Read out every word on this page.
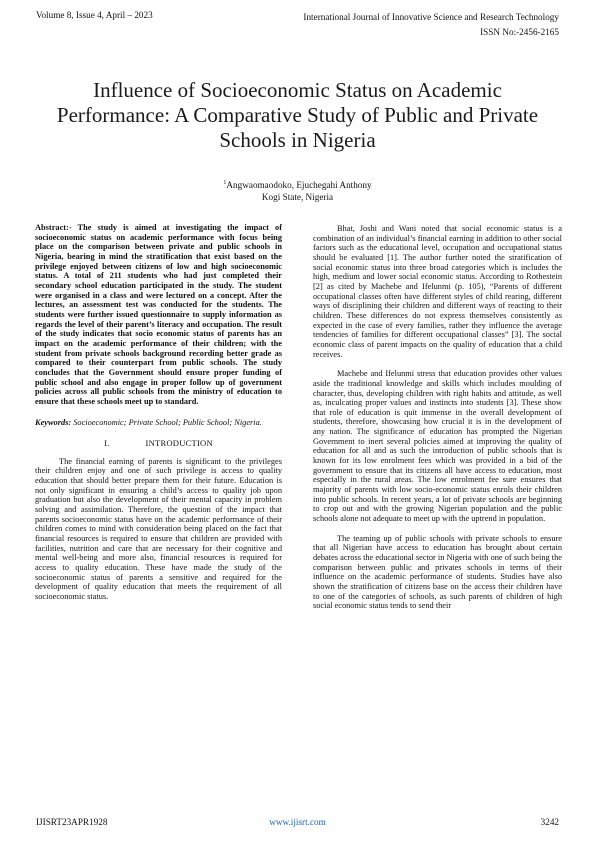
Volume 8, Issue 4, April – 2023	International Journal of Innovative Science and Research Technology
ISSN No:-2456-2165
Influence of Socioeconomic Status on Academic Performance: A Comparative Study of Public and Private Schools in Nigeria
$^1$Angwaomaodoko, Ejuchegahi Anthony
Kogi State, Nigeria

Abstract:- The study is aimed at investigating the impact of socioeconomic status on academic performance with focus being place on the comparison between private and public schools in Nigeria, bearing in mind the stratification that exist based on the privilege enjoyed between citizens of low and high socioeconomic status. A total of 211 students who had just completed their secondary school education participated in the study. The student were organised in a class and were lectured on a concept. After the lectures, an assessment test was conducted for the students. The students were further issued questionnaire to supply information as regards the level of their parent’s literacy and occupation. The result of the study indicates that socio economic status of parents has an impact on the academic performance of their children; with the student from private schools background recording better grade as compared to their counterpart from public schools. The study concludes that the Government should ensure proper funding of public school and also engage in proper follow up of government policies across all public schools from the ministry of education to ensure that these schools meet up to standard.

Keywords: Socioeconomic; Private School; Public School; Nigeria.

I.	INTRODUCTION

The financial earning of parents is significant to the privileges their children enjoy and one of such privilege is access to quality education that should better prepare them for their future. Education is not only significant in ensuring a child’s access to quality job upon graduation but also the development of their mental capacity in problem solving and assimilation. Therefore, the question of the impact that parents socioeconomic status have on the academic performance of their children comes to mind with consideration being placed on the fact that financial resources is required to ensure that children are provided with facilities, nutrition and care that are necessary for their cognitive and mental well-being and more also, financial resources is required for access to quality education. These have made the study of the socioeconomic status of parents a sensitive and required for the development of quality education that meets the requirement of all socioeconomic status.

Bhat, Joshi and Wani noted that social economic status is a combination of an individual’s financial earning in addition to other social factors such as the educational level, occupation and occupational status should be evaluated [1]. The author further noted the stratification of social economic status into three broad categories which is includes the high, medium and lower social economic status. According to Rothestein [2] as cited by Machebe and Ifelunmi (p. 105), “Parents of different occupational classes often have different styles of child rearing, different ways of disciplining their children and different ways of reacting to their children. These differences do not express themselves consistently as expected in the case of every families, rather they influence the average tendencies of families for different occupational classes” [3]. The social economic class of parent impacts on the quality of education that a child receives.

Machebe and Ifelunmi stress that education provides other values aside the traditional knowledge and skills which includes moulding of character, thus, developing children with right habits and attitude, as well as, inculcating proper values and instincts into students [3]. These show that role of education is quit immense in the overall development of students, therefore, showcasing how crucial it is in the development of any nation. The significance of education has prompted the Nigerian Government to inert several policies aimed at improving the quality of education for all and as such the introduction of public schools that is known for its low enrolment fees which was provided in a bid of the government to ensure that its citizens all have access to education, most especially in the rural areas. The low enrolment fee sure ensures that majority of parents with low socio-economic status enrols their children into public schools. In recent years, a lot of private schools are beginning to crop out and with the growing Nigerian population and the public schools alone not adequate to meet up with the uptrend in population.

The teaming up of public schools with private schools to ensure that all Nigerian have access to education has brought about certain debates across the educational sector in Nigeria with one of such being the comparison between public and privates schools in terms of their influence on the academic performance of students. Studies have also shown the stratification of citizens base on the access their children have to one of the categories of schools, as such parents of children of high social economic status tends to send their

IJISRT23APR1928	www.ijisrt.com	3242
